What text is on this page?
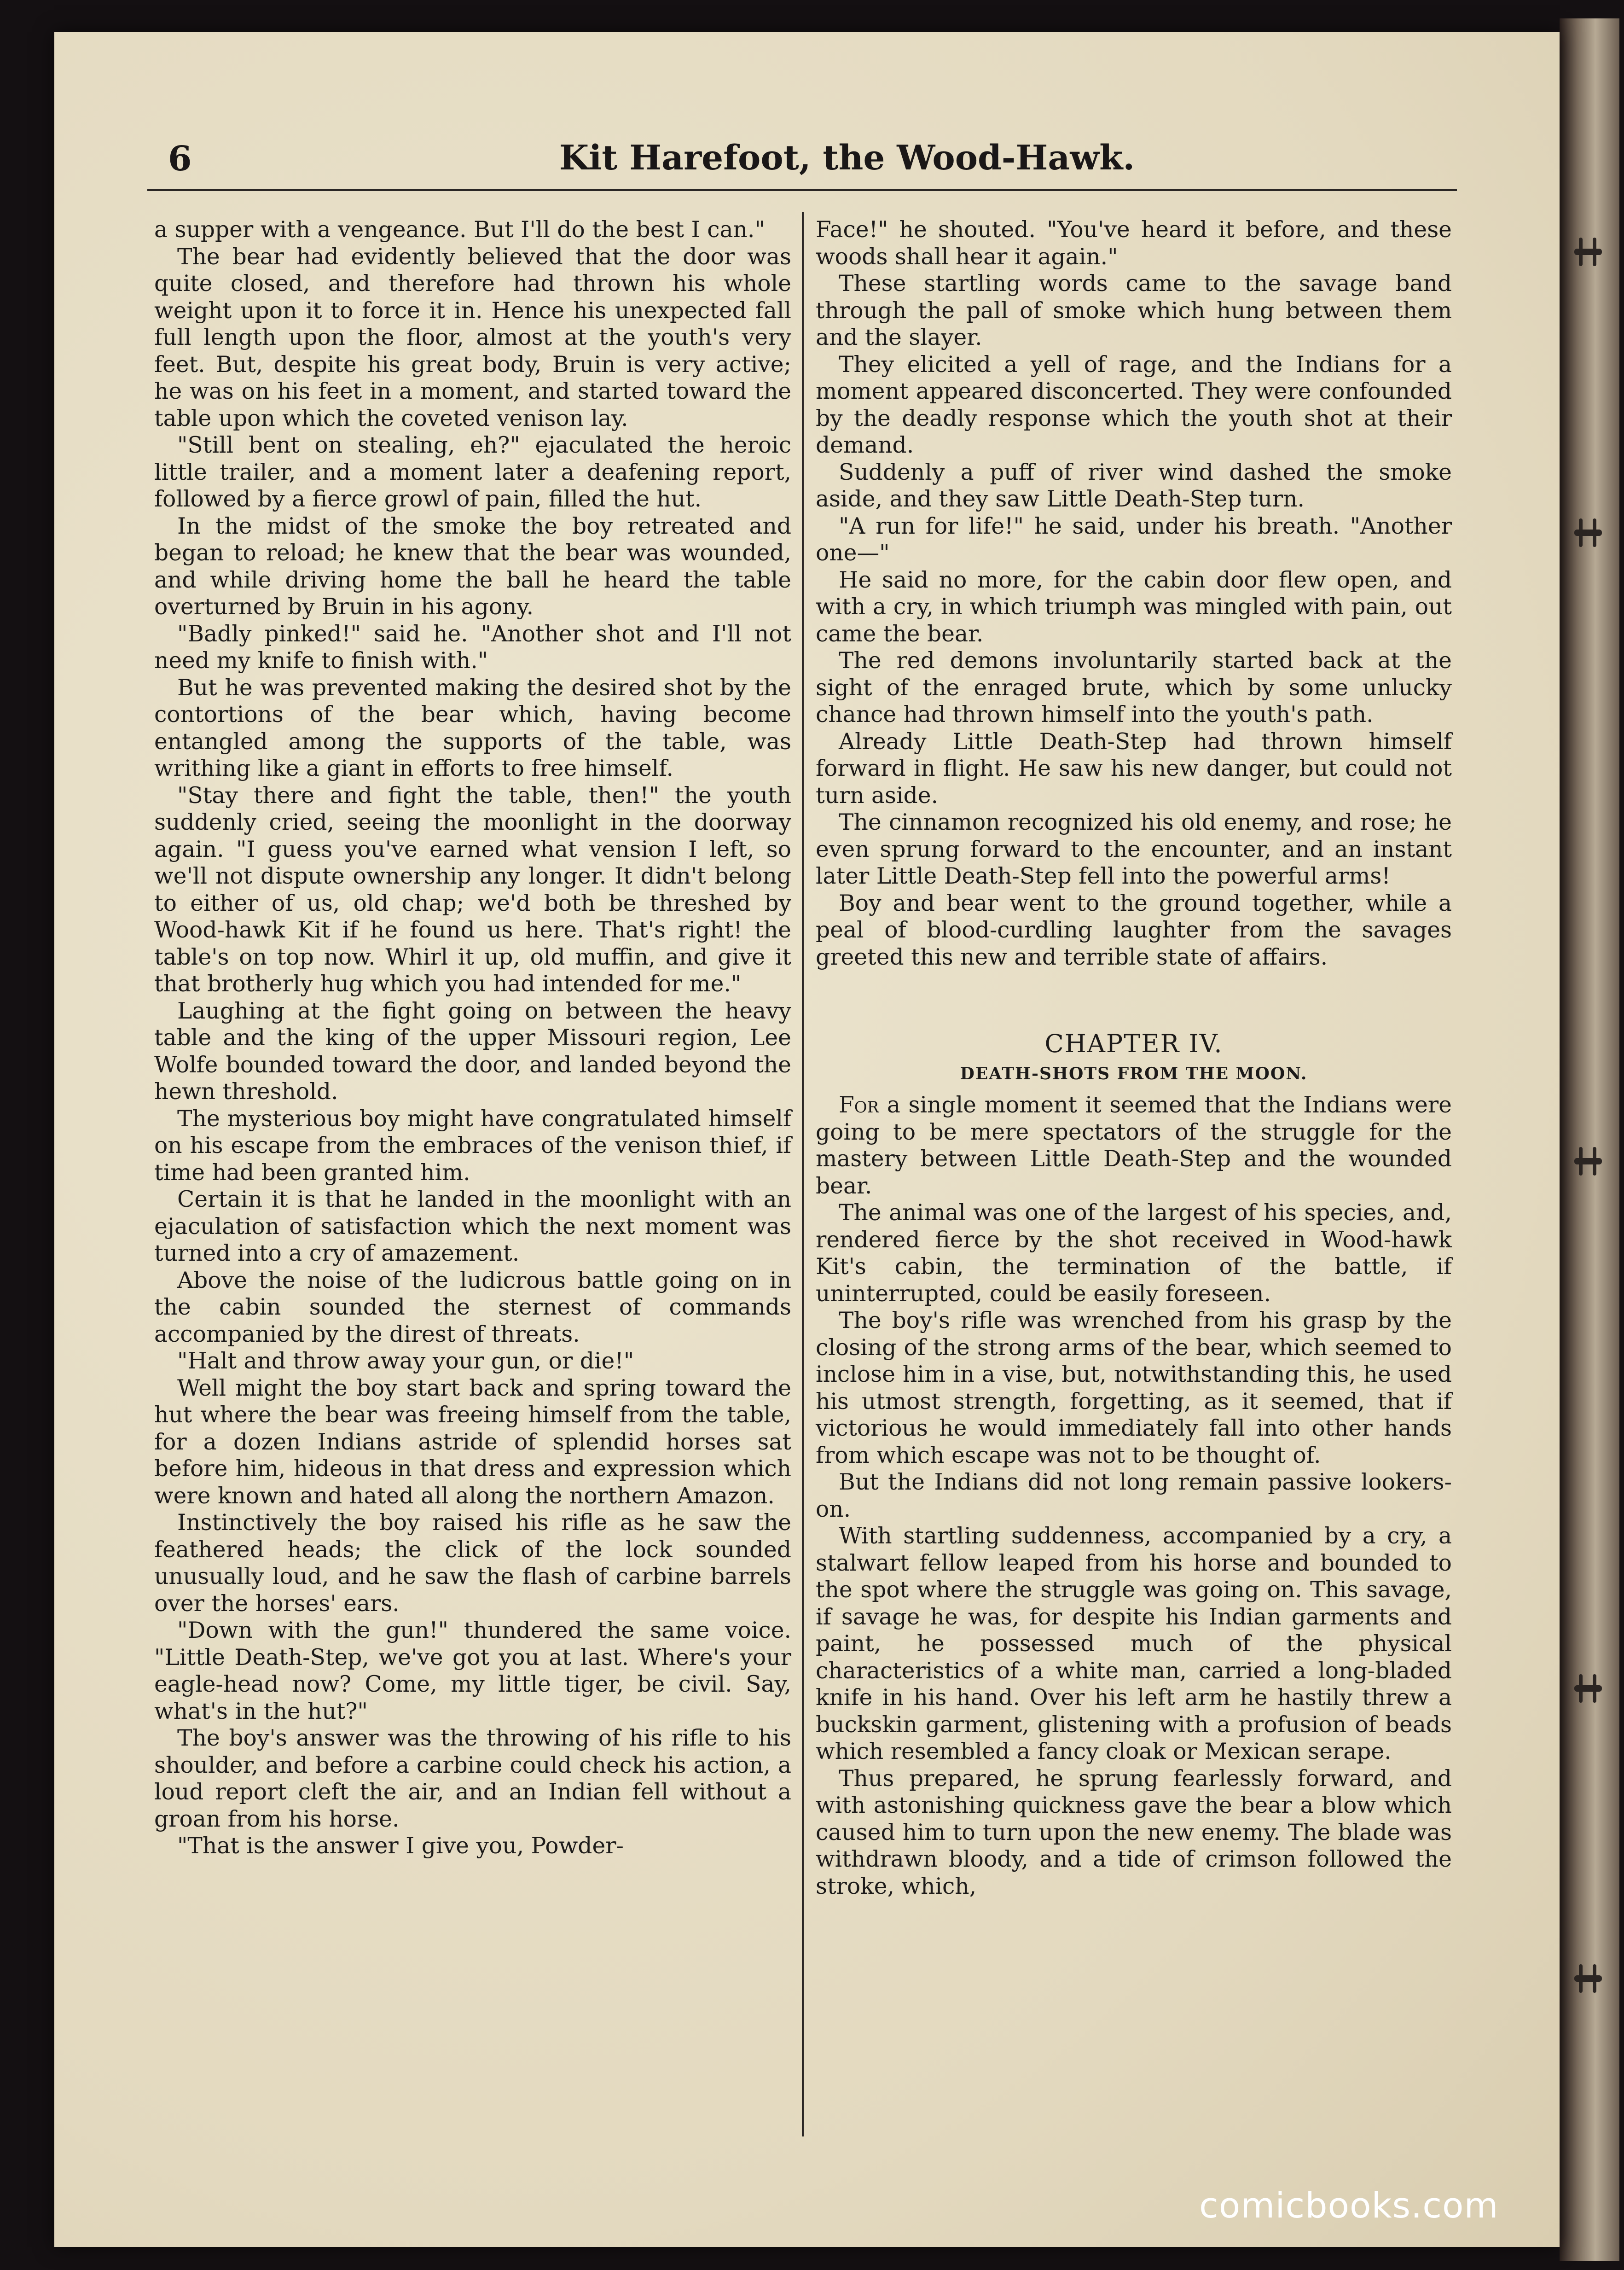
6	Kit Harefoot, the Wood-Hawk.

a supper with a vengeance. But I'll do the best I can."

The bear had evidently believed that the door was quite closed, and therefore had thrown his whole weight upon it to force it in. Hence his unexpected fall full length upon the floor, almost at the youth's very feet. But, despite his great body, Bruin is very active; he was on his feet in a moment, and started toward the table upon which the coveted venison lay.

"Still bent on stealing, eh?" ejaculated the heroic little trailer, and a moment later a deafening report, followed by a fierce growl of pain, filled the hut.

In the midst of the smoke the boy retreated and began to reload; he knew that the bear was wounded, and while driving home the ball he heard the table overturned by Bruin in his agony.

"Badly pinked!" said he. "Another shot and I'll not need my knife to finish with."

But he was prevented making the desired shot by the contortions of the bear which, having become entangled among the supports of the table, was writhing like a giant in efforts to free himself.

"Stay there and fight the table, then!" the youth suddenly cried, seeing the moonlight in the doorway again. "I guess you've earned what vension I left, so we'll not dispute ownership any longer. It didn't belong to either of us, old chap; we'd both be threshed by Wood-hawk Kit if he found us here. That's right! the table's on top now. Whirl it up, old muffin, and give it that brotherly hug which you had intended for me."

Laughing at the fight going on between the heavy table and the king of the upper Missouri region, Lee Wolfe bounded toward the door, and landed beyond the hewn threshold.

The mysterious boy might have congratulated himself on his escape from the embraces of the venison thief, if time had been granted him.

Certain it is that he landed in the moonlight with an ejaculation of satisfaction which the next moment was turned into a cry of amazement.

Above the noise of the ludicrous battle going on in the cabin sounded the sternest of commands accompanied by the direst of threats.

"Halt and throw away your gun, or die!"

Well might the boy start back and spring toward the hut where the bear was freeing himself from the table, for a dozen Indians astride of splendid horses sat before him, hideous in that dress and expression which were known and hated all along the northern Amazon.

Instinctively the boy raised his rifle as he saw the feathered heads; the click of the lock sounded unusually loud, and he saw the flash of carbine barrels over the horses' ears.

"Down with the gun!" thundered the same voice. "Little Death-Step, we've got you at last. Where's your eagle-head now? Come, my little tiger, be civil. Say, what's in the hut?"

The boy's answer was the throwing of his rifle to his shoulder, and before a carbine could check his action, a loud report cleft the air, and an Indian fell without a groan from his horse.

"That is the answer I give you, Powder-

Face!" he shouted. "You've heard it before, and these woods shall hear it again."

These startling words came to the savage band through the pall of smoke which hung between them and the slayer.

They elicited a yell of rage, and the Indians for a moment appeared disconcerted. They were confounded by the deadly response which the youth shot at their demand.

Suddenly a puff of river wind dashed the smoke aside, and they saw Little Death-Step turn.

"A run for life!" he said, under his breath. "Another one—"

He said no more, for the cabin door flew open, and with a cry, in which triumph was mingled with pain, out came the bear.

The red demons involuntarily started back at the sight of the enraged brute, which by some unlucky chance had thrown himself into the youth's path.

Already Little Death-Step had thrown himself forward in flight. He saw his new danger, but could not turn aside.

The cinnamon recognized his old enemy, and rose; he even sprung forward to the encounter, and an instant later Little Death-Step fell into the powerful arms!

Boy and bear went to the ground together, while a peal of blood-curdling laughter from the savages greeted this new and terrible state of affairs.

CHAPTER IV.
DEATH-SHOTS FROM THE MOON.

For a single moment it seemed that the Indians were going to be mere spectators of the struggle for the mastery between Little Death-Step and the wounded bear.

The animal was one of the largest of his species, and, rendered fierce by the shot received in Wood-hawk Kit's cabin, the termination of the battle, if uninterrupted, could be easily foreseen.

The boy's rifle was wrenched from his grasp by the closing of the strong arms of the bear, which seemed to inclose him in a vise, but, notwithstanding this, he used his utmost strength, forgetting, as it seemed, that if victorious he would immediately fall into other hands from which escape was not to be thought of.

But the Indians did not long remain passive lookers-on.

With startling suddenness, accompanied by a cry, a stalwart fellow leaped from his horse and bounded to the spot where the struggle was going on. This savage, if savage he was, for despite his Indian garments and paint, he possessed much of the physical characteristics of a white man, carried a long-bladed knife in his hand. Over his left arm he hastily threw a buckskin garment, glistening with a profusion of beads which resembled a fancy cloak or Mexican serape.

Thus prepared, he sprung fearlessly forward, and with astonishing quickness gave the bear a blow which caused him to turn upon the new enemy. The blade was withdrawn bloody, and a tide of crimson followed the stroke, which,

comicbooks.com
